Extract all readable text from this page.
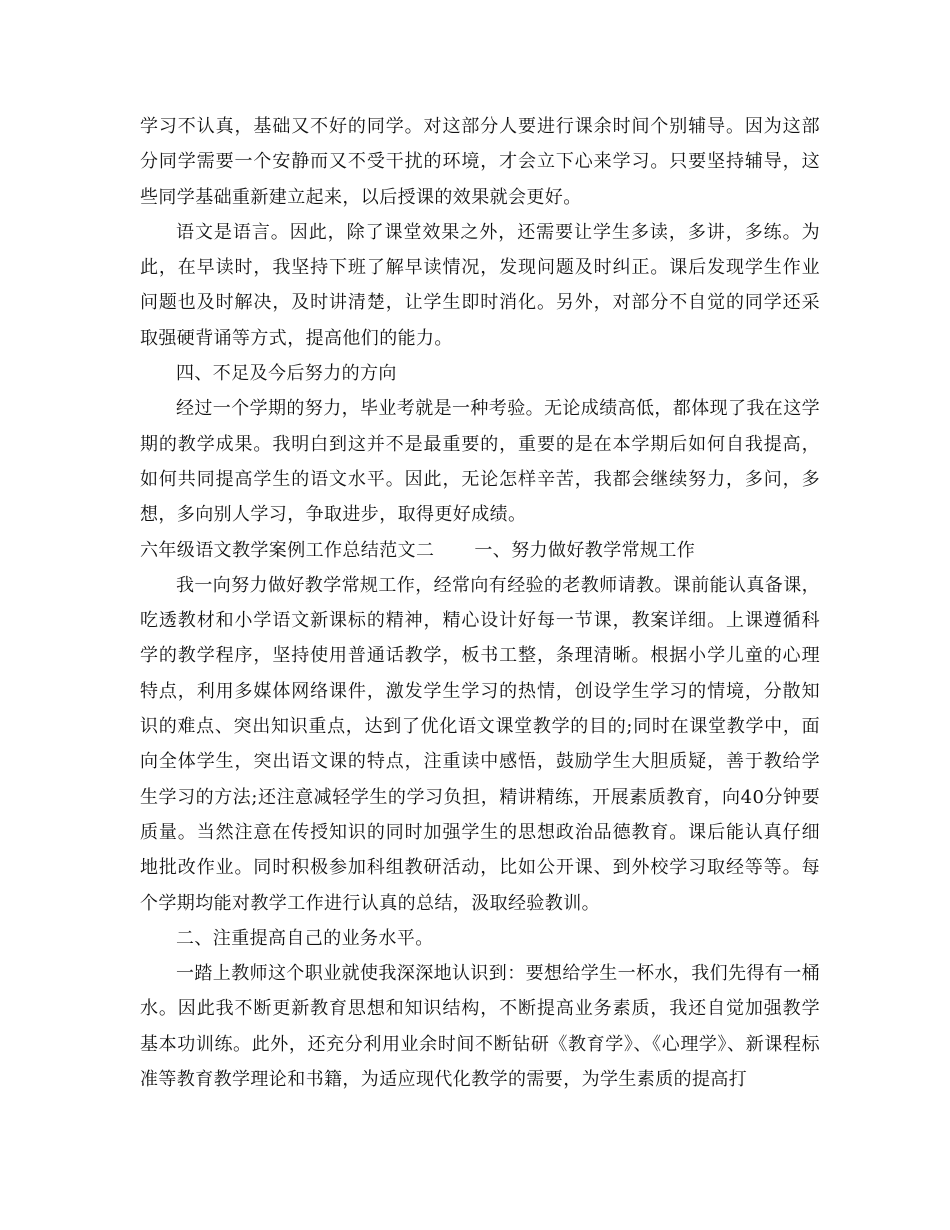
学习不认真，基础又不好的同学。对这部分人要进行课余时间个别辅导。因为这部分同学需要一个安静而又不受干扰的环境，才会立下心来学习。只要坚持辅导，这些同学基础重新建立起来，以后授课的效果就会更好。

语文是语言。因此，除了课堂效果之外，还需要让学生多读，多讲，多练。为此，在早读时，我坚持下班了解早读情况，发现问题及时纠正。课后发现学生作业问题也及时解决，及时讲清楚，让学生即时消化。另外，对部分不自觉的同学还采取强硬背诵等方式，提高他们的能力。

四、不足及今后努力的方向

经过一个学期的努力，毕业考就是一种考验。无论成绩高低，都体现了我在这学期的教学成果。我明白到这并不是最重要的，重要的是在本学期后如何自我提高，如何共同提高学生的语文水平。因此，无论怎样辛苦，我都会继续努力，多问，多想，多向别人学习，争取进步，取得更好成绩。

六年级语文教学案例工作总结范文二 一、努力做好教学常规工作

我一向努力做好教学常规工作，经常向有经验的老教师请教。课前能认真备课，吃透教材和小学语文新课标的精神，精心设计好每一节课，教案详细。上课遵循科学的教学程序，坚持使用普通话教学，板书工整，条理清晰。根据小学儿童的心理特点，利用多媒体网络课件，激发学生学习的热情，创设学生学习的情境，分散知识的难点、突出知识重点，达到了优化语文课堂教学的目的;同时在课堂教学中，面向全体学生，突出语文课的特点，注重读中感悟，鼓励学生大胆质疑，善于教给学生学习的方法;还注意减轻学生的学习负担，精讲精练，开展素质教育，向40分钟要质量。当然注意在传授知识的同时加强学生的思想政治品德教育。课后能认真仔细地批改作业。同时积极参加科组教研活动，比如公开课、到外校学习取经等等。每个学期均能对教学工作进行认真的总结，汲取经验教训。

二、注重提高自己的业务水平。

一踏上教师这个职业就使我深深地认识到：要想给学生一杯水，我们先得有一桶水。因此我不断更新教育思想和知识结构，不断提高业务素质，我还自觉加强教学基本功训练。此外，还充分利用业余时间不断钻研《教育学》、《心理学》、新课程标准等教育教学理论和书籍，为适应现代化教学的需要，为学生素质的提高打
